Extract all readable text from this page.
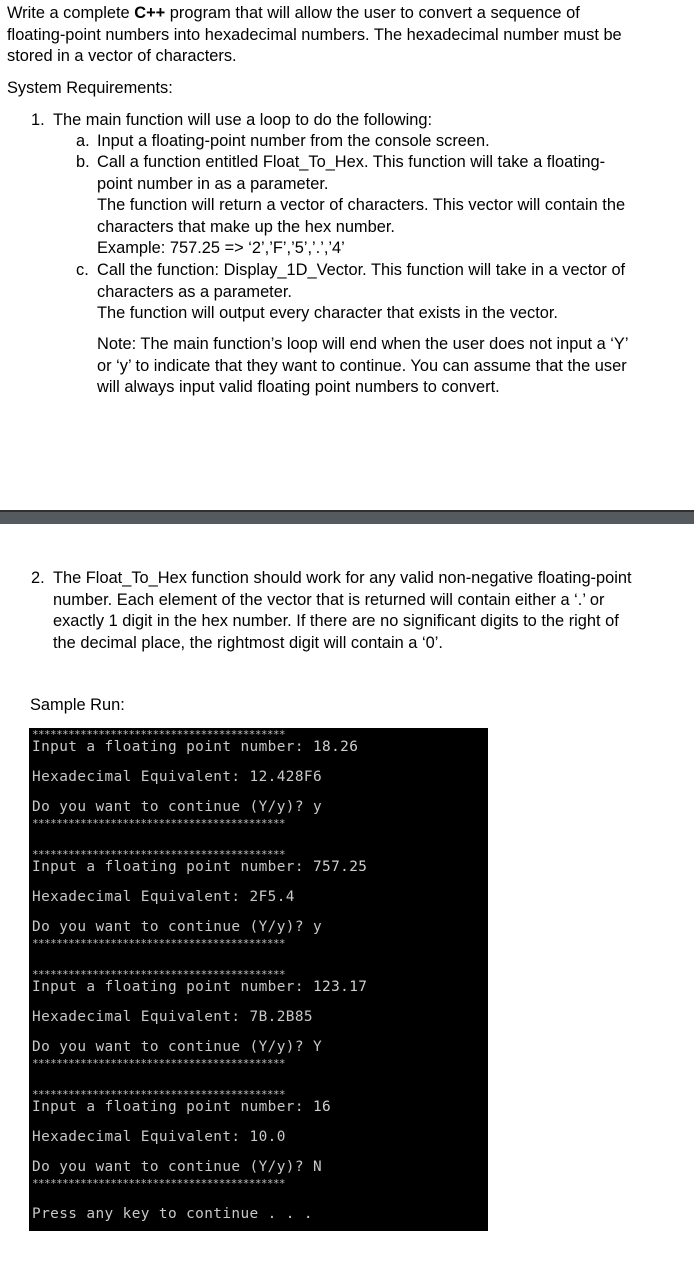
Write a complete C++ program that will allow the user to convert a sequence of
floating-point numbers into hexadecimal numbers. The hexadecimal number must be
stored in a vector of characters.
System Requirements:
1. The main function will use a loop to do the following:
a. Input a floating-point number from the console screen.
b. Call a function entitled Float_To_Hex. This function will take a floating-
point number in as a parameter.
The function will return a vector of characters. This vector will contain the
characters that make up the hex number.
Example: 757.25 => ‘2’,’F’,’5’,’.’,’4’
c. Call the function: Display_1D_Vector. This function will take in a vector of
characters as a parameter.
The function will output every character that exists in the vector.
Note: The main function’s loop will end when the user does not input a ‘Y’
or ‘y’ to indicate that they want to continue. You can assume that the user
will always input valid floating point numbers to convert.
2. The Float_To_Hex function should work for any valid non-negative floating-point
number. Each element of the vector that is returned will contain either a ‘.’ or
exactly 1 digit in the hex number. If there are no significant digits to the right of
the decimal place, the rightmost digit will contain a ‘0’.
Sample Run:
******************************************
Input a floating point number: 18.26
Hexadecimal Equivalent: 12.428F6
Do you want to continue (Y/y)? y
******************************************
******************************************
Input a floating point number: 757.25
Hexadecimal Equivalent: 2F5.4
Do you want to continue (Y/y)? y
******************************************
******************************************
Input a floating point number: 123.17
Hexadecimal Equivalent: 7B.2B85
Do you want to continue (Y/y)? Y
******************************************
******************************************
Input a floating point number: 16
Hexadecimal Equivalent: 10.0
Do you want to continue (Y/y)? N
******************************************
Press any key to continue . . .
